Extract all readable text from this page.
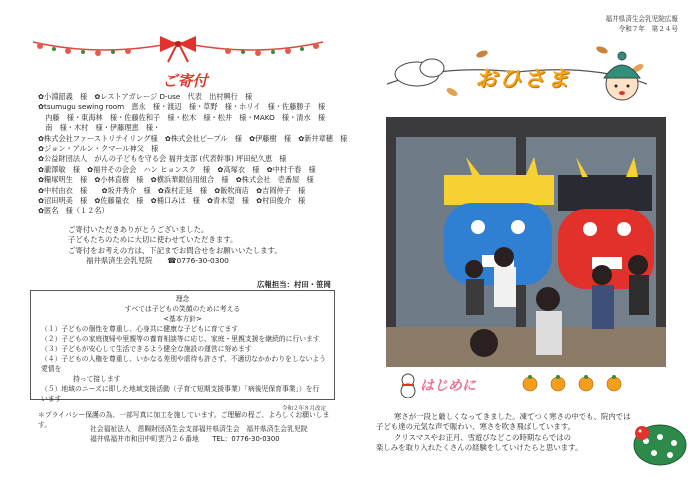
ご寄付
✿小淵韶義　様　✿レストアガレージ D-use　代表　出村興行　様
✿tsumugu sewing room　恵永　様・渡辺　様・草野　様・ホリイ　様・佐藤勝子　様
　内藤　様・東海林　様・佐藤佐和子　様・松木　様・松井　様・MAKO　様・清水　様
　南　様・木村　様・伊藤理恵　様・
✿株式会社ファーストリテイリング様　✿株式会社ピープル　様　✿伊藤樹　様　✿新井章穂　様
✿ジョン・アルン・クマール神父　様
✿公益財団法人　がんの子どもを守る会 福井支部 (代表幹事) 坪田紀久恵　様
✿瀧澤敏　様　✿福井その会会　ハン ヒョンスク　様　✿高塚衣　様　✿中村千春　様
✿糧塚明生　様　✿小林直樹　様　✿横浜華銀信用組合　様　✿株式会社　壱番屋　様
✿中村由衣　様　　✿坂井秀介　様　✿森村正延　様　✿飯吹商店　✿吉岡仲子　様
✿沼田明美　様　✿佐藤量衣　様　✿桶口みほ　様　✿青木望　様　✿村田俊介　様
✿匿名　様（１２名）
ご寄付いただきありがとうございました。
子どもたちのために大切に使わせていただきます。
ご寄付をお考えの方は、下記までお問合せをお願いいたします。
福井県済生会乳児院　　☎0776-30-0300
広報担当：村田・笹岡
理念
すべては子どもの笑顔のために考える
<基本方針>
（１）子どもの個性を尊重し、心身共に健康な子どもに育てます
（２）子どもの家庭復帰や里親等の養育相談等に応じ、家庭・里親支援を継続的に行います
（３）子どもが安心して生活できるよう健全な施設の運営に努めます
（４）子どもの人権を尊重し、いかなる差別や虐待も許さず、不適切なかかわりをしないよう愛情を
持って接します
（５）地域のニーズに即した地域支援活動（子育て短期支援事業）「病後児保育事業」）を行います
令和２年８月改定
＊プライバシー保護の為、一部写真に加工を施しています。ご理解の程ご、よろしくお願いします。	社会福祉法人　恩賜財団済生会支部福井県済生会　福井県済生会乳児院
福井県福井市和田中町雲乃２６番地　　TEL：0776-30-0300
福井県済生会乳児院広報
令和７年　第２４号
おひさま
はじめに
寒さが一段と厳しくなってきました。凍てつく寒さの中でも、院内では
子ども達の元気な声で賑わい、寒さを吹き飛ばしています。
クリスマスやお正月、雪遊びなどこの時期ならではの
楽しみを取り入れたくさんの経験をしていけたらと思います。
